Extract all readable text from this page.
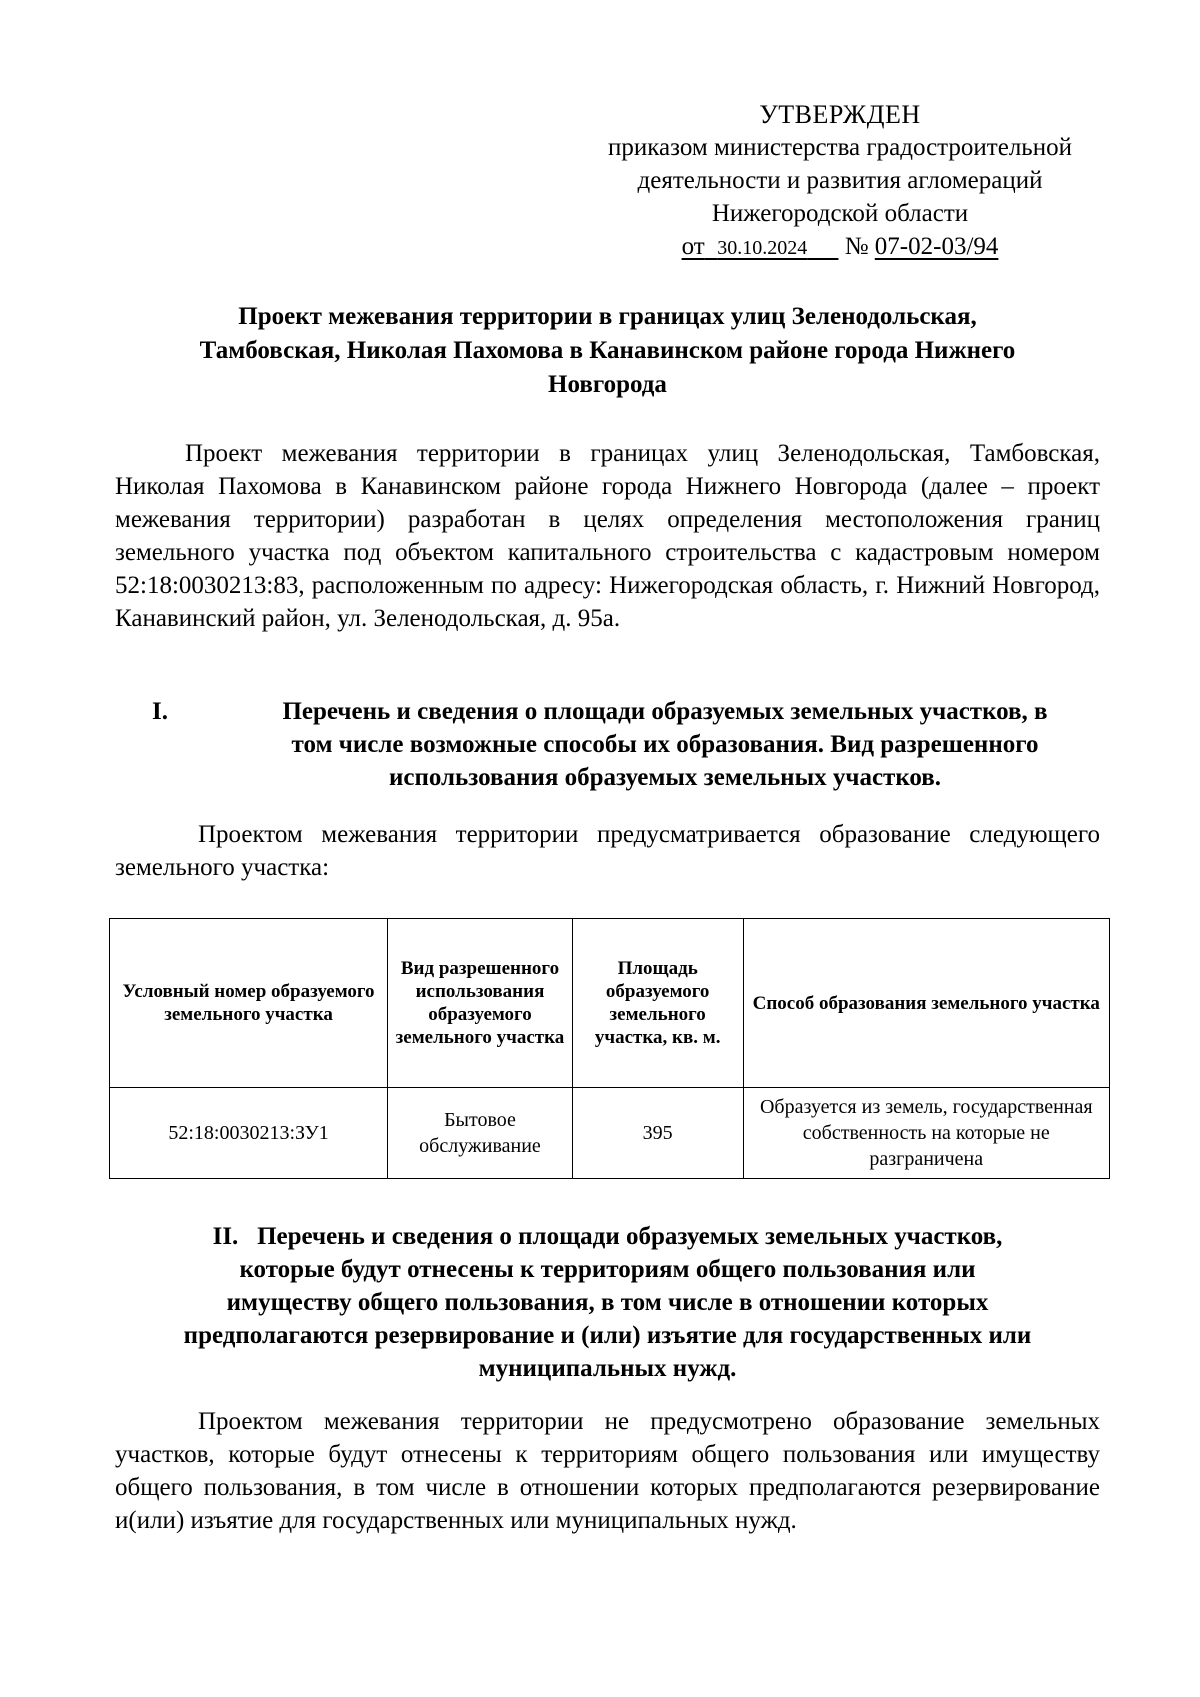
УТВЕРЖДЕН
приказом министерства градостроительной
деятельности и развития агломераций
Нижегородской области
от 30.10.2024 № 07-02-03/94
Проект межевания территории в границах улиц Зеленодольская,
Тамбовская, Николая Пахомова в Канавинском районе города Нижнего
Новгорода

Проект межевания территории в границах улиц Зеленодольская, Тамбовская, Николая Пахомова в Канавинском районе города Нижнего Новгорода (далее – проект межевания территории) разработан в целях определения местоположения границ земельного участка под объектом капитального строительства с кадастровым номером 52:18:0030213:83, расположенным по адресу: Нижегородская область, г. Нижний Новгород, Канавинский район, ул. Зеленодольская, д. 95а.

I.	Перечень и сведения о площади образуемых земельных участков, в
том числе возможные способы их образования. Вид разрешенного
использования образуемых земельных участков.

Проектом межевания территории предусматривается образование следующего земельного участка:

Условный номер образуемого земельного участка	Вид разрешенного использования образуемого земельного участка	Площадь образуемого земельного участка, кв. м.	Способ образования земельного участка
52:18:0030213:ЗУ1	Бытовое обслуживание	395	Образуется из земель, государственная собственность на которые не разграничена
II. Перечень и сведения о площади образуемых земельных участков,
которые будут отнесены к территориям общего пользования или
имуществу общего пользования, в том числе в отношении которых
предполагаются резервирование и (или) изъятие для государственных или
муниципальных нужд.

Проектом межевания территории не предусмотрено образование земельных участков, которые будут отнесены к территориям общего пользования или имуществу общего пользования, в том числе в отношении которых предполагаются резервирование и(или) изъятие для государственных или муниципальных нужд.
